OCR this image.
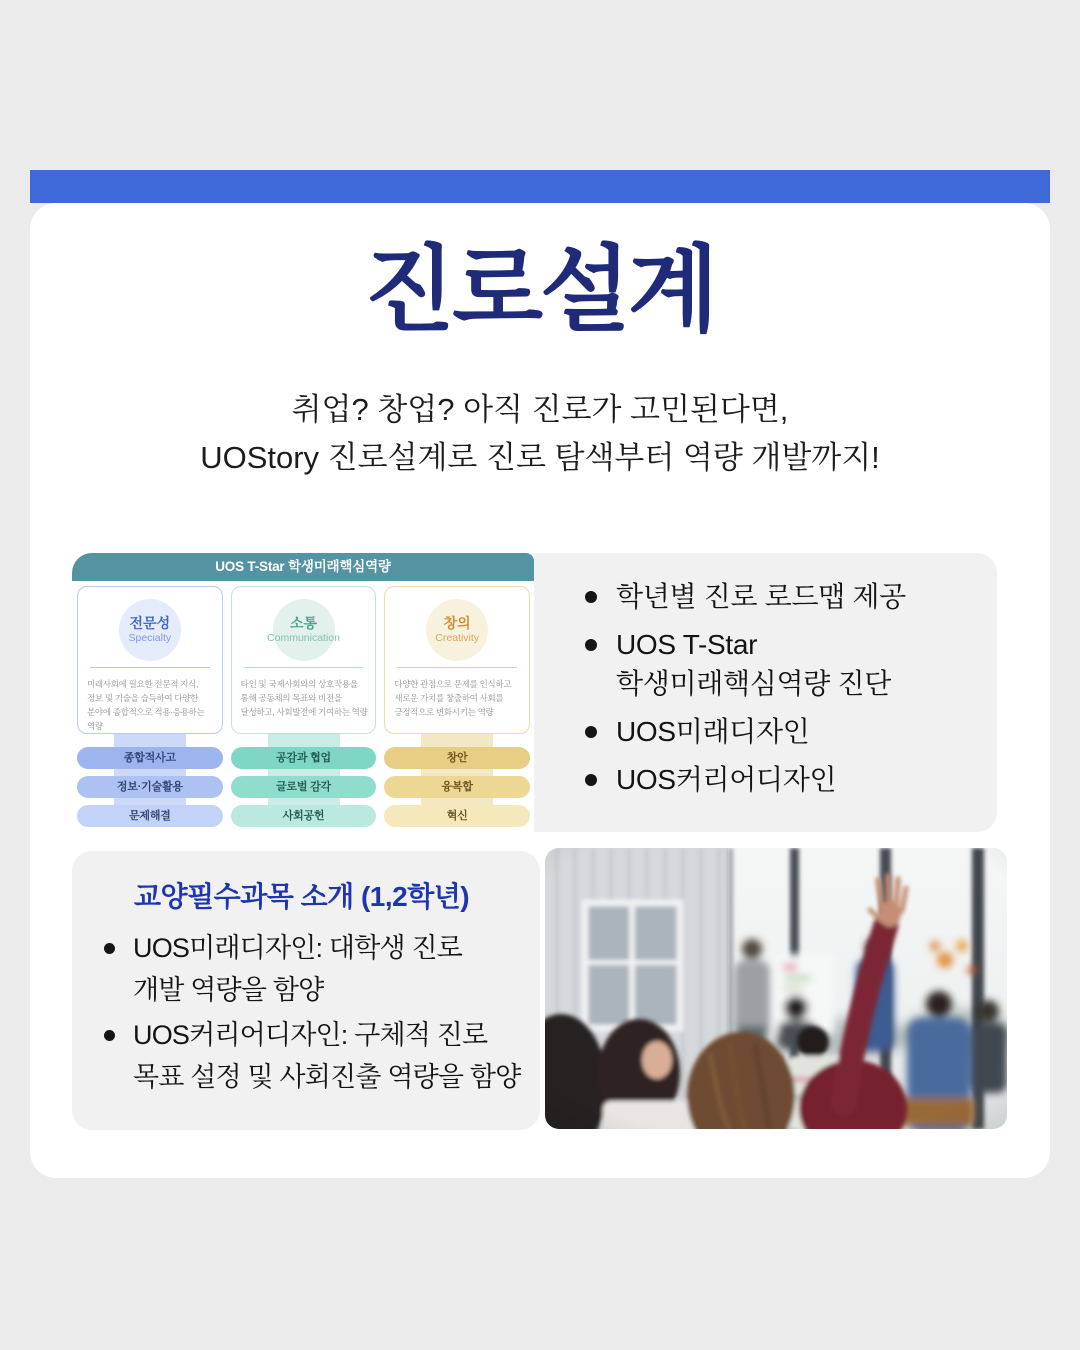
진로설계
취업? 창업? 아직 진로가 고민된다면,
UOStory 진로설계로 진로 탐색부터 역량 개발까지!
UOS T-Star 학생미래핵심역량
전문성
Specialty
미래사회에 필요한 전문적 지식,
정보 및 기술을 습득하여 다양한
분야에 종합적으로 적용·응용하는
역량
종합적사고
정보·기술활용
문제해결
소통
Communication
타인 및 국제사회와의 상호작용을
통해 공동체의 목표와 비전을
달성하고, 사회발전에 기여하는 역량
공감과 협업
글로벌 감각
사회공헌
창의
Creativity
다양한 관점으로 문제를 인식하고
새로운 가치를 창출하여 사회를
긍정적으로 변화시키는 역량
창안
융복합
혁신
학년별 진로 로드맵 제공
UOS T-Star
학생미래핵심역량 진단
UOS미래디자인
UOS커리어디자인
교양필수과목 소개 (1,2학년)
UOS미래디자인: 대학생 진로
개발 역량을 함양
UOS커리어디자인: 구체적 진로
목표 설정 및 사회진출 역량을 함양
